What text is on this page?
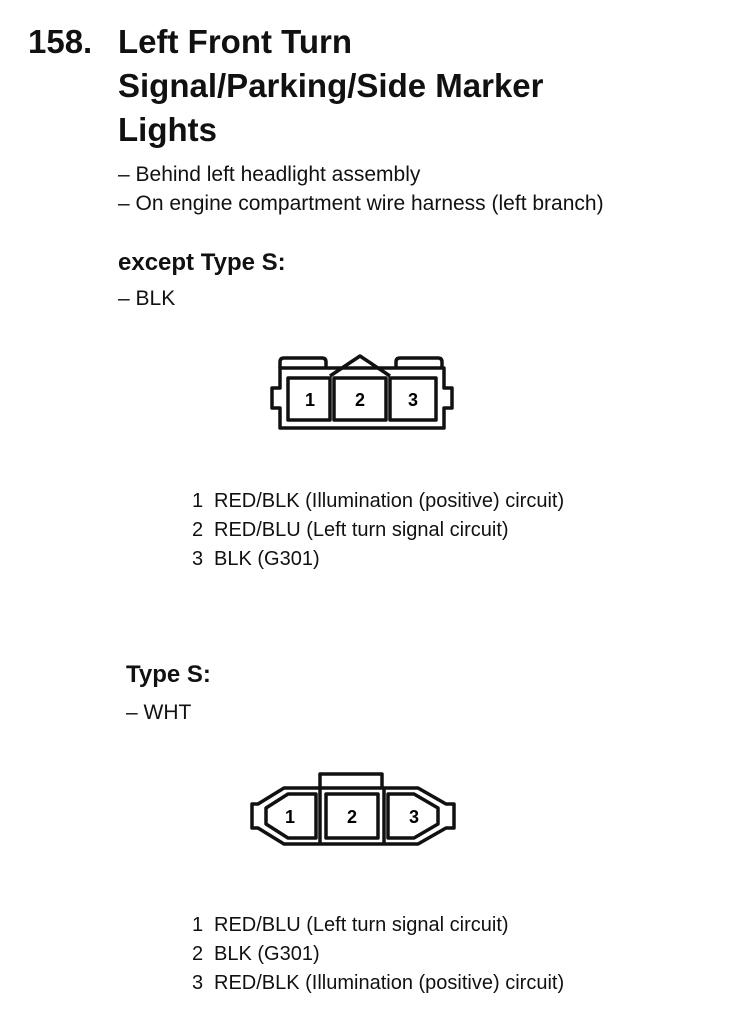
158. Left Front Turn
Signal/Parking/Side Marker
Lights
– Behind left headlight assembly
– On engine compartment wire harness (left branch)
except Type S:
– BLK
1 2 3
1 RED/BLK (Illumination (positive) circuit)
2 RED/BLU (Left turn signal circuit)
3 BLK (G301)
Type S:
– WHT
1	2	3
1 RED/BLU (Left turn signal circuit)
2 BLK (G301)
3 RED/BLK (Illumination (positive) circuit)
